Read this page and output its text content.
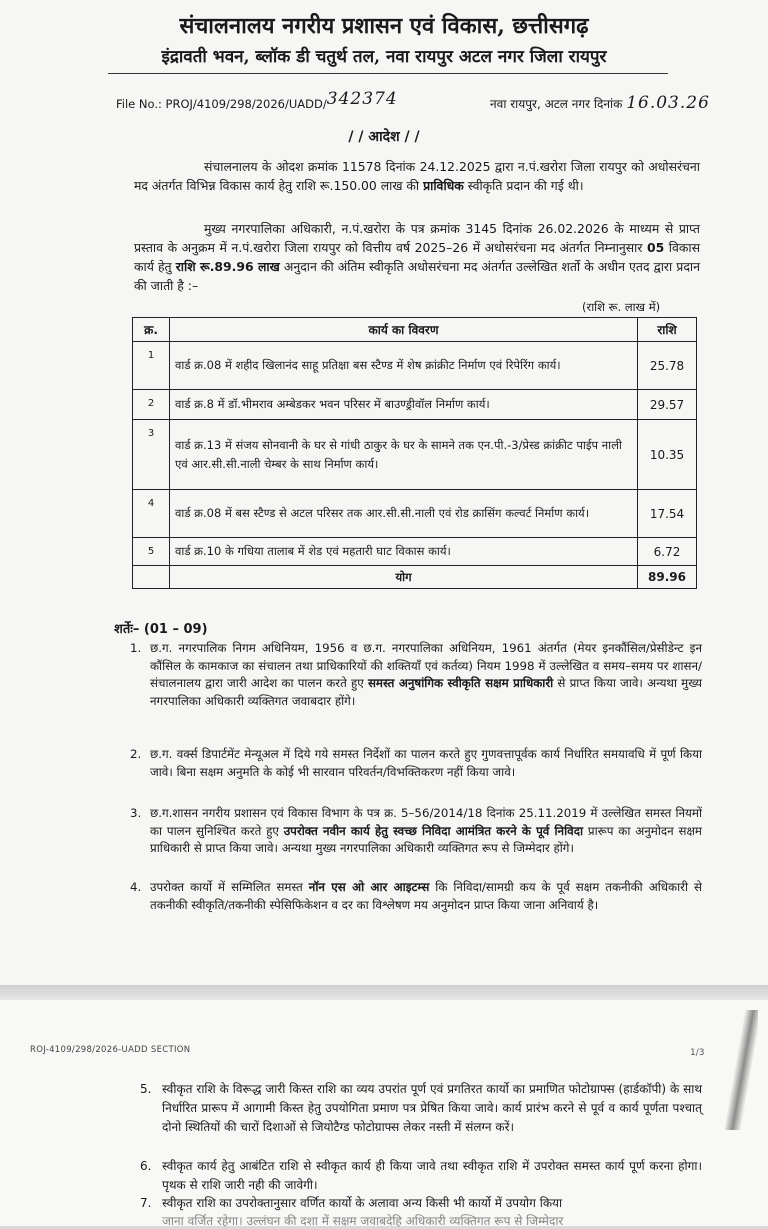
संचालनालय नगरीय प्रशासन एवं विकास, छत्तीसगढ़
इंद्रावती भवन, ब्लॉक डी चतुर्थ तल, नवा रायपुर अटल नगर जिला रायपुर
File No.: PROJ/4109/298/2026/UADD/342374	नवा रायपुर, अटल नगर दिनांक 16.03.26
/ / आदेश / /
संचालनालय के ओदश क्रमांक 11578 दिनांक 24.12.2025 द्वारा न.पं.खरोरा जिला रायपुर को अधोसरंचना मद अंतर्गत विभिन्न विकास कार्य हेतु राशि रू.150.00 लाख की प्राविधिक स्वीकृति प्रदान की गई थी।
मुख्य नगरपालिका अधिकारी, न.पं.खरोरा के पत्र क्रमांक 3145 दिनांक 26.02.2026 के माध्यम से प्राप्त प्रस्ताव के अनुक्रम में न.पं.खरोरा जिला रायपुर को वित्तीय वर्ष 2025–26 में अधोसरंचना मद अंतर्गत निम्नानुसार 05 विकास कार्य हेतु राशि रू.89.96 लाख अनुदान की अंतिम स्वीकृति अधोसरंचना मद अंतर्गत उल्लेखित शर्तो के अधीन एतद द्वारा प्रदान की जाती है :–
(राशि रू. लाख में)
क्र.	कार्य का विवरण	राशि
1	वार्ड क्र.08 में शहीद खिलानंद साहू प्रतिक्षा बस स्टैण्ड में शेष क्रांक्रीट निर्माण एवं रिपेरिंग कार्य।	25.78
2	वार्ड क्र.8 में डॉ.भीमराव अम्बेडकर भवन परिसर में बाउण्ड्रीवॉल निर्माण कार्य।	29.57
3	वार्ड क्र.13 में संजय सोनवानी के घर से गांधी ठाकुर के घर के सामने तक एन.पी.-3/प्रेस्ड क्रांक्रीट पाईप नाली एवं आर.सी.सी.नाली चेम्बर के साथ निर्माण कार्य।	10.35
4	वार्ड क्र.08 में बस स्टैण्ड से अटल परिसर तक आर.सी.सी.नाली एवं रोड क्रासिंग कल्वर्ट निर्माण कार्य।	17.54
5	वार्ड क्र.10 के गधिया तालाब में शेड एवं महतारी घाट विकास कार्य।	6.72
	योग	89.96
शर्तेः– (01 – 09)
1. छ.ग. नगरपालिक निगम अधिनियम, 1956 व छ.ग. नगरपालिका अधिनियम, 1961 अंतर्गत (मेयर इनकौंसिल/प्रेसीडेन्ट इन कौंसिल के कामकाज का संचालन तथा प्राधिकारियों की शक्तियाँ एवं कर्तव्य) नियम 1998 में उल्लेखित व समय–समय पर शासन/संचालनालय द्वारा जारी आदेश का पालन करते हुए समस्त अनुषांगिक स्वीकृति सक्षम प्राधिकारी से प्राप्त किया जावे। अन्यथा मुख्य नगरपालिका अधिकारी व्यक्तिगत जवाबदार होंगे।
2. छ.ग. वर्क्स डिपार्टमेंट मेन्यूअल में दिये गये समस्त निर्देशों का पालन करते हुए गुणवत्तापूर्वक कार्य निर्धारित समयावधि में पूर्ण किया जावे। बिना सक्षम अनुमति के कोई भी सारवान परिवर्तन/विभक्तिकरण नहीं किया जावे।
3. छ.ग.शासन नगरीय प्रशासन एवं विकास विभाग के पत्र क्र. 5–56/2014/18 दिनांक 25.11.2019 में उल्लेखित समस्त नियमों का पालन सुनिश्चित करते हुए उपरोक्त नवीन कार्य हेतु स्वच्छ निविदा आमंत्रित करने के पूर्व निविदा प्रारूप का अनुमोदन सक्षम प्राधिकारी से प्राप्त किया जावे। अन्यथा मुख्य नगरपालिका अधिकारी व्यक्तिगत रूप से जिम्मेदार होंगे।
4. उपरोक्त कार्यो में सम्मिलित समस्त नॉन एस ओ आर आइटम्स कि निविदा/सामग्री कय के पूर्व सक्षम तकनीकी अधिकारी से तकनीकी स्वीकृति/तकनीकी स्पेसिफिकेशन व दर का विश्लेषण मय अनुमोदन प्राप्त किया जाना अनिवार्य है।
ROJ-4109/298/2026-UADD SECTION	1/3
5. स्वीकृत राशि के विरूद्ध जारी किस्त राशि का व्यय उपरांत पूर्ण एवं प्रगतिरत कार्यो का प्रमाणित फोटोग्राफ्स (हार्डकॉपी) के साथ निर्धारित प्रारूप में आगामी किस्त हेतु उपयोगिता प्रमाण पत्र प्रेषित किया जावे। कार्य प्रारंभ करने से पूर्व व कार्य पूर्णता पश्चात् दोनो स्थितियों की चारों दिशाओं से जियोटैग्ड फोटोग्राफ्स लेकर नस्ती में संलग्न करें।
6. स्वीकृत कार्य हेतु आबंटित राशि से स्वीकृत कार्य ही किया जावे तथा स्वीकृत राशि में उपरोक्त समस्त कार्य पूर्ण करना होगा। पृथक से राशि जारी नही की जावेगी।
7. स्वीकृत राशि का उपरोक्तानुसार वर्णित कार्यो के अलावा अन्य किसी भी कार्यो में उपयोग किया
जाना वर्जित रहेगा। उल्लंघन की दशा में सक्षम जवाबदेहि अधिकारी व्यक्तिगत रूप से जिम्मेदार
